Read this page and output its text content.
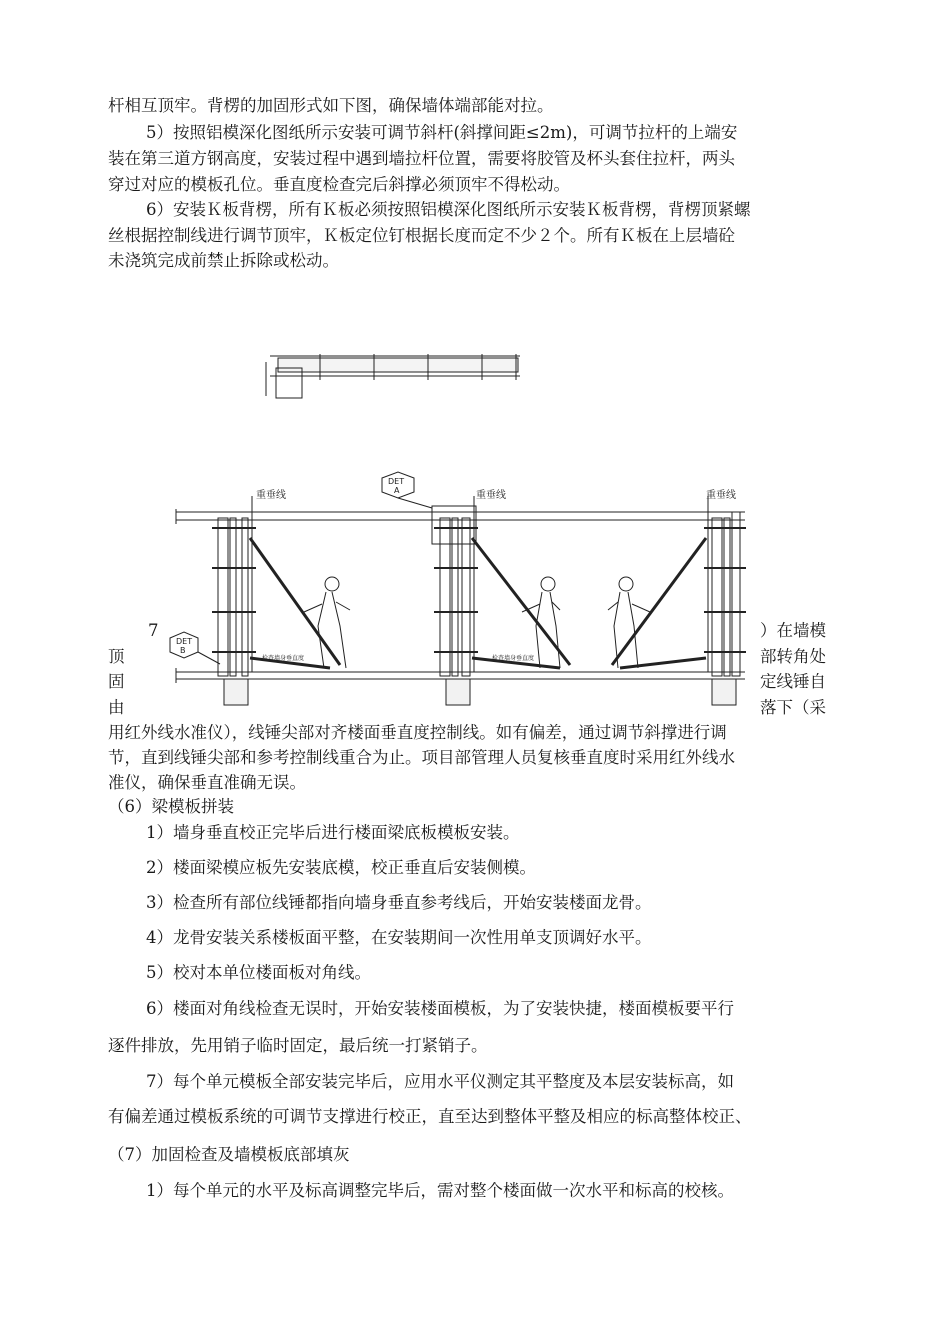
杆相互顶牢。背楞的加固形式如下图，确保墙体端部能对拉。
5）按照铝模深化图纸所示安装可调节斜杆(斜撑间距≤2m)，可调节拉杆的上端安
装在第三道方钢高度，安装过程中遇到墙拉杆位置，需要将胶管及杯头套住拉杆，两头
穿过对应的模板孔位。垂直度检查完后斜撑必须顶牢不得松动。
6）安装Ｋ板背楞，所有Ｋ板必须按照铝模深化图纸所示安装Ｋ板背楞，背楞顶紧螺
丝根据控制线进行调节顶牢，Ｋ板定位钉根据长度而定不少２个。所有Ｋ板在上层墙砼
未浇筑完成前禁止拆除或松动。
重垂线	重垂线	重垂线
DET
A
DET
B
检查墙身垂直度	检查墙身垂直度
7	）在墙模
顶	部转角处
固	定线锤自
由	落下（采
用红外线水准仪），线锤尖部对齐楼面垂直度控制线。如有偏差，通过调节斜撑进行调
节，直到线锤尖部和参考控制线重合为止。项目部管理人员复核垂直度时采用红外线水
准仪，确保垂直准确无误。
（6）梁模板拼装
1）墙身垂直校正完毕后进行楼面梁底板模板安装。
2）楼面梁模应板先安装底模，校正垂直后安装侧模。
3）检查所有部位线锤都指向墙身垂直参考线后，开始安装楼面龙骨。
4）龙骨安装关系楼板面平整，在安装期间一次性用单支顶调好水平。
5）校对本单位楼面板对角线。
6）楼面对角线检查无误时，开始安装楼面模板，为了安装快捷，楼面模板要平行
逐件排放，先用销子临时固定，最后统一打紧销子。
7）每个单元模板全部安装完毕后，应用水平仪测定其平整度及本层安装标高，如
有偏差通过模板系统的可调节支撑进行校正，直至达到整体平整及相应的标高整体校正、
（7）加固检查及墙模板底部填灰
1）每个单元的水平及标高调整完毕后，需对整个楼面做一次水平和标高的校核。
